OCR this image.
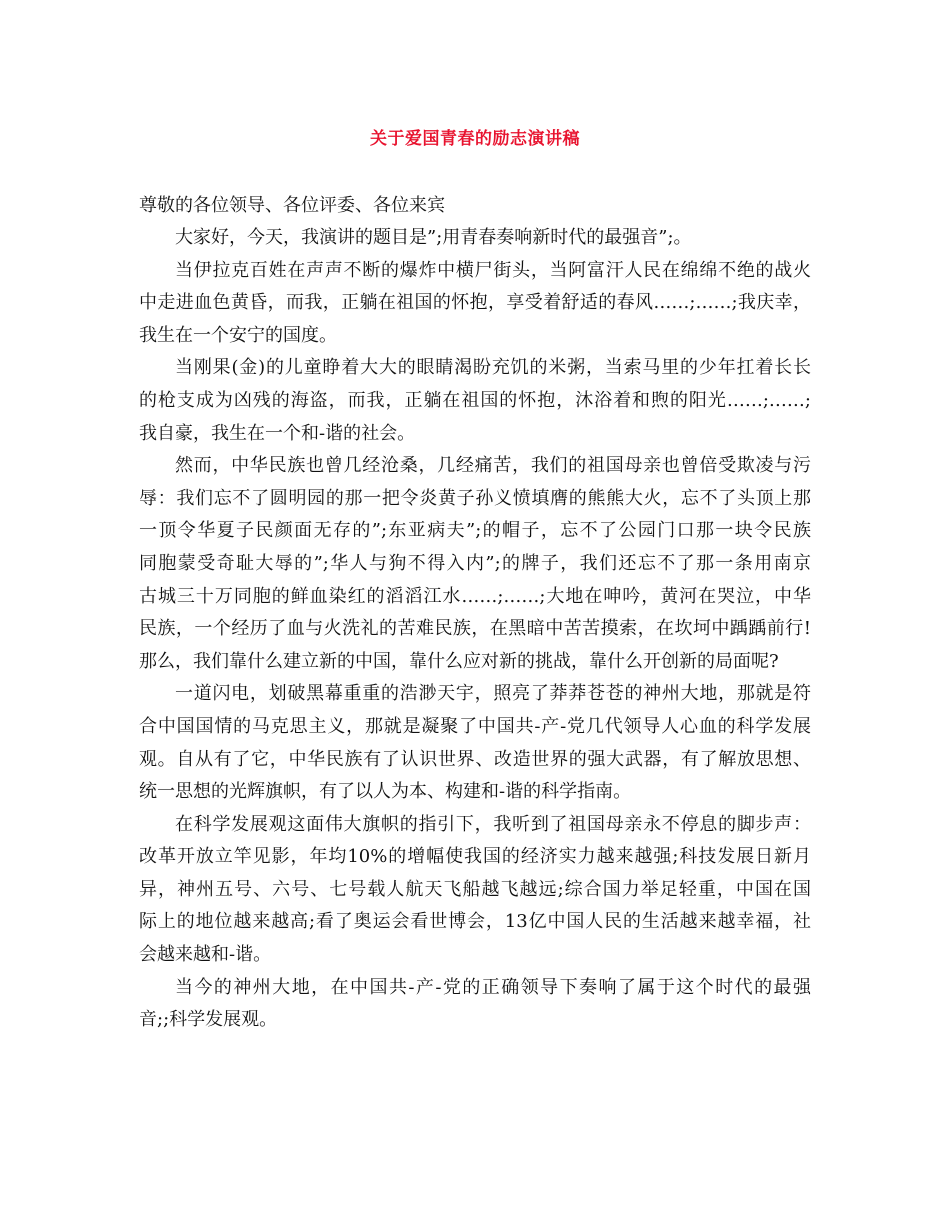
关于爱国青春的励志演讲稿
尊敬的各位领导、各位评委、各位来宾
大家好，今天，我演讲的题目是”;用青春奏响新时代的最强音”;。
当伊拉克百姓在声声不断的爆炸中横尸街头，当阿富汗人民在绵绵不绝的战火
中走进血色黄昏，而我，正躺在祖国的怀抱，享受着舒适的春风……;……;我庆幸，
我生在一个安宁的国度。
当刚果(金)的儿童睁着大大的眼睛渴盼充饥的米粥，当索马里的少年扛着长长
的枪支成为凶残的海盗，而我，正躺在祖国的怀抱，沐浴着和煦的阳光……;……;
我自豪，我生在一个和-谐的社会。
然而，中华民族也曾几经沧桑，几经痛苦，我们的祖国母亲也曾倍受欺凌与污
辱：我们忘不了圆明园的那一把令炎黄子孙义愤填膺的熊熊大火，忘不了头顶上那
一顶令华夏子民颜面无存的”;东亚病夫”;的帽子，忘不了公园门口那一块令民族
同胞蒙受奇耻大辱的”;华人与狗不得入内”;的牌子，我们还忘不了那一条用南京
古城三十万同胞的鲜血染红的滔滔江水……;……;大地在呻吟，黄河在哭泣，中华
民族，一个经历了血与火洗礼的苦难民族，在黑暗中苦苦摸索，在坎坷中踽踽前行!
那么，我们靠什么建立新的中国，靠什么应对新的挑战，靠什么开创新的局面呢?
一道闪电，划破黑幕重重的浩渺天宇，照亮了莽莽苍苍的神州大地，那就是符
合中国国情的马克思主义，那就是凝聚了中国共-产-党几代领导人心血的科学发展
观。自从有了它，中华民族有了认识世界、改造世界的强大武器，有了解放思想、
统一思想的光辉旗帜，有了以人为本、构建和-谐的科学指南。
在科学发展观这面伟大旗帜的指引下，我听到了祖国母亲永不停息的脚步声：
改革开放立竿见影，年均10%的增幅使我国的经济实力越来越强;科技发展日新月
异，神州五号、六号、七号载人航天飞船越飞越远;综合国力举足轻重，中国在国
际上的地位越来越高;看了奥运会看世博会，13亿中国人民的生活越来越幸福，社
会越来越和-谐。
当今的神州大地，在中国共-产-党的正确领导下奏响了属于这个时代的最强
音;;科学发展观。
